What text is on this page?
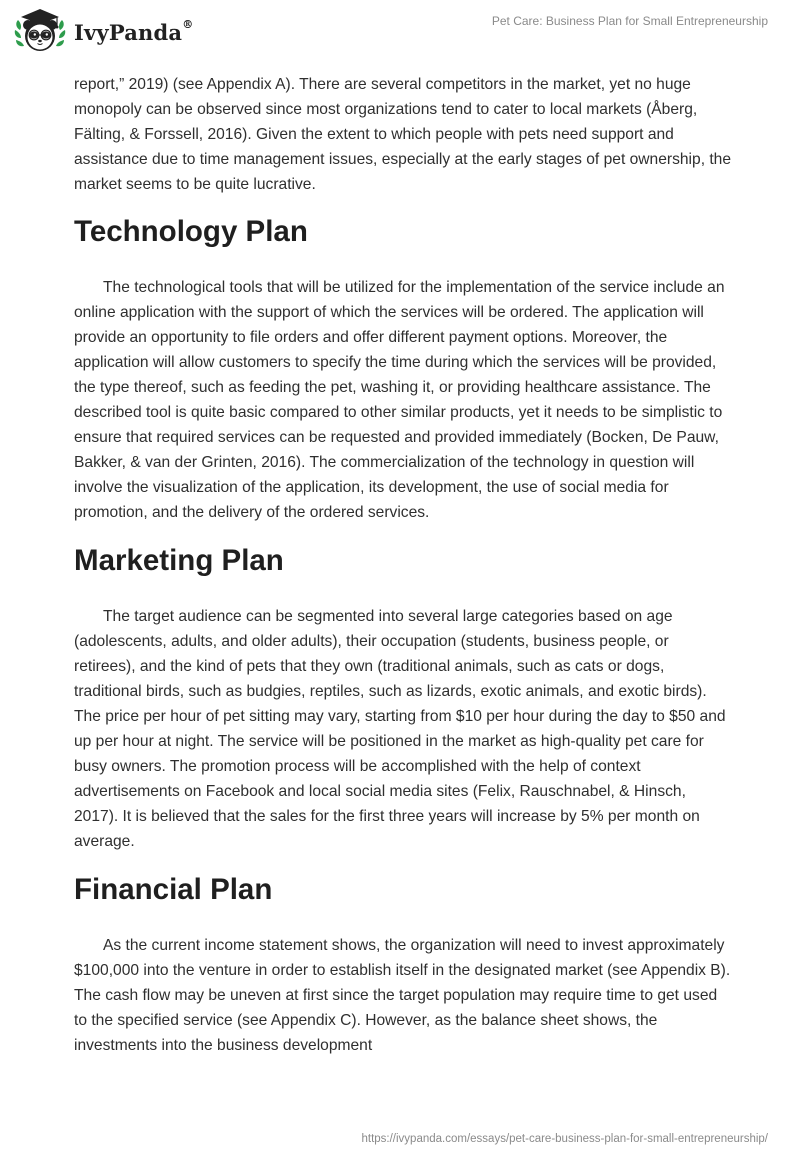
IvyPanda®	Pet Care: Business Plan for Small Entrepreneurship

report,” 2019) (see Appendix A). There are several competitors in the market, yet no huge monopoly can be observed since most organizations tend to cater to local markets (Åberg, Fälting, & Forssell, 2016). Given the extent to which people with pets need support and assistance due to time management issues, especially at the early stages of pet ownership, the market seems to be quite lucrative.

Technology Plan

The technological tools that will be utilized for the implementation of the service include an online application with the support of which the services will be ordered. The application will provide an opportunity to file orders and offer different payment options. Moreover, the application will allow customers to specify the time during which the services will be provided, the type thereof, such as feeding the pet, washing it, or providing healthcare assistance. The described tool is quite basic compared to other similar products, yet it needs to be simplistic to ensure that required services can be requested and provided immediately (Bocken, De Pauw, Bakker, & van der Grinten, 2016). The commercialization of the technology in question will involve the visualization of the application, its development, the use of social media for promotion, and the delivery of the ordered services.

Marketing Plan

The target audience can be segmented into several large categories based on age (adolescents, adults, and older adults), their occupation (students, business people, or retirees), and the kind of pets that they own (traditional animals, such as cats or dogs, traditional birds, such as budgies, reptiles, such as lizards, exotic animals, and exotic birds). The price per hour of pet sitting may vary, starting from $10 per hour during the day to $50 and up per hour at night. The service will be positioned in the market as high-quality pet care for busy owners. The promotion process will be accomplished with the help of context advertisements on Facebook and local social media sites (Felix, Rauschnabel, & Hinsch, 2017). It is believed that the sales for the first three years will increase by 5% per month on average.

Financial Plan

As the current income statement shows, the organization will need to invest approximately $100,000 into the venture in order to establish itself in the designated market (see Appendix B). The cash flow may be uneven at first since the target population may require time to get used to the specified service (see Appendix C). However, as the balance sheet shows, the investments into the business development

https://ivypanda.com/essays/pet-care-business-plan-for-small-entrepreneurship/
